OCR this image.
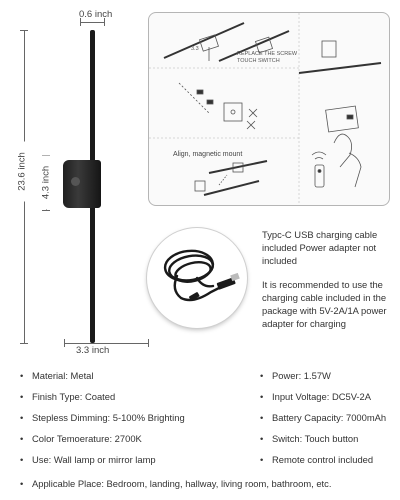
0.6 inch
23.6 inch 4.3 inch
3.3 inch
REPLACE THE SCREW
TOUCH SWITCH
3.3
Align, magnetic mount
Typc-C USB charging cable included Power adapter not included
It is recommended to use the charging cable included in the package with 5V-2A/1A power adapter for charging
• Material: Metal
• Finish Type: Coated
• Stepless Dimming: 5-100% Brighting
• Color Temoerature: 2700K
• Use: Wall lamp or mirror lamp
• Power: 1.57W
• Input Voltage: DC5V-2A
• Battery Capacity: 7000mAh
• Switch: Touch button
• Remote control included
• Applicable Place: Bedroom, landing, hallway, living room, bathroom, etc.
